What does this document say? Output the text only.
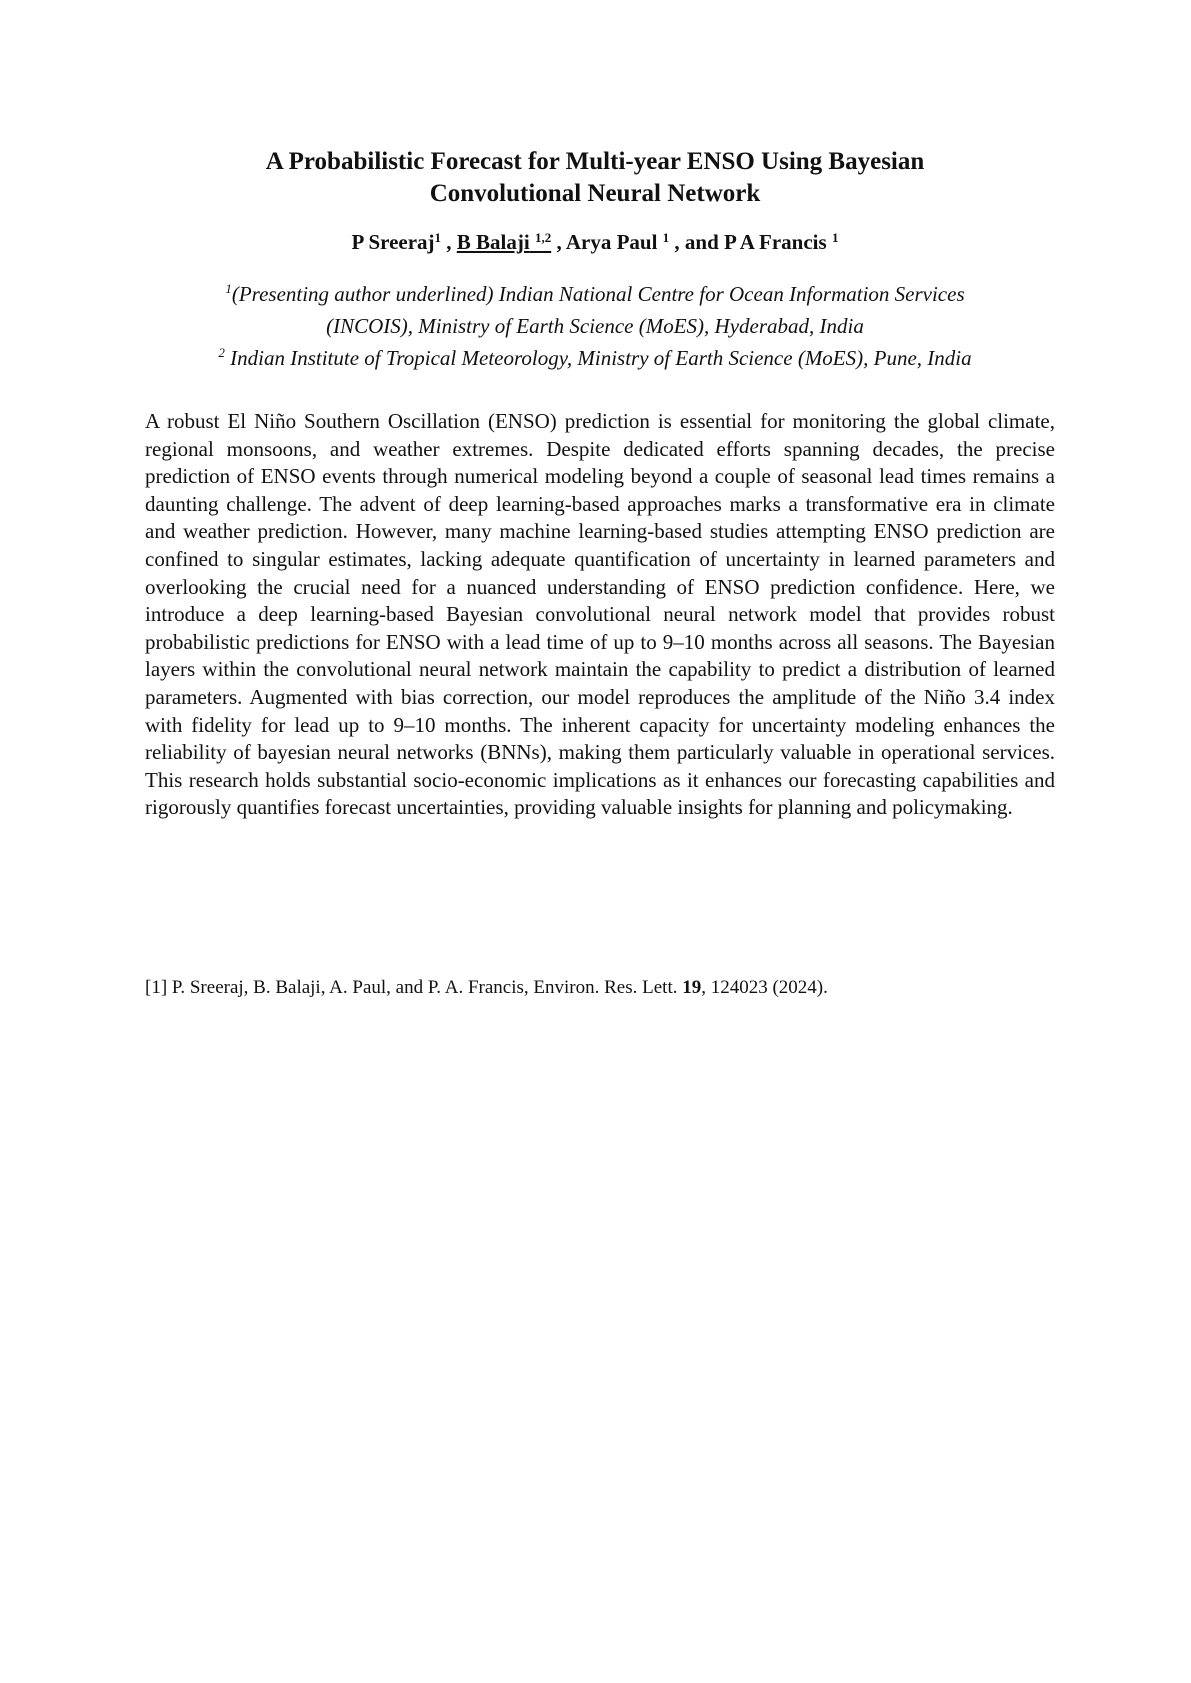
A Probabilistic Forecast for Multi-year ENSO Using Bayesian
Convolutional Neural Network
P Sreeraj$^1$ , B Balaji $^{1,2}$ , Arya Paul $^1$ , and P A Francis $^1$
$^1$(Presenting author underlined) Indian National Centre for Ocean Information Services
(INCOIS), Ministry of Earth Science (MoES), Hyderabad, India
$^2$ Indian Institute of Tropical Meteorology, Ministry of Earth Science (MoES), Pune, India

A robust El Niño Southern Oscillation (ENSO) prediction is essential for monitoring the global climate, regional monsoons, and weather extremes. Despite dedicated efforts spanning decades, the precise prediction of ENSO events through numerical modeling beyond a couple of seasonal lead times remains a daunting challenge. The advent of deep learning-based approaches marks a transformative era in climate and weather prediction. However, many machine learning-based studies attempting ENSO prediction are confined to singular estimates, lacking adequate quantification of uncertainty in learned parameters and overlooking the crucial need for a nuanced understanding of ENSO prediction confidence. Here, we introduce a deep learning-based Bayesian convolutional neural network model that provides robust probabilistic predictions for ENSO with a lead time of up to 9–10 months across all seasons. The Bayesian layers within the convolutional neural network maintain the capability to predict a distribution of learned parameters. Augmented with bias correction, our model reproduces the amplitude of the Niño 3.4 index with fidelity for lead up to 9–10 months. The inherent capacity for uncertainty modeling enhances the reliability of bayesian neural networks (BNNs), making them particularly valuable in operational services. This research holds substantial socio-economic implications as it enhances our forecasting capabilities and rigorously quantifies forecast uncertainties, providing valuable insights for planning and policymaking.

[1] P. Sreeraj, B. Balaji, A. Paul, and P. A. Francis, Environ. Res. Lett. 19, 124023 (2024).
